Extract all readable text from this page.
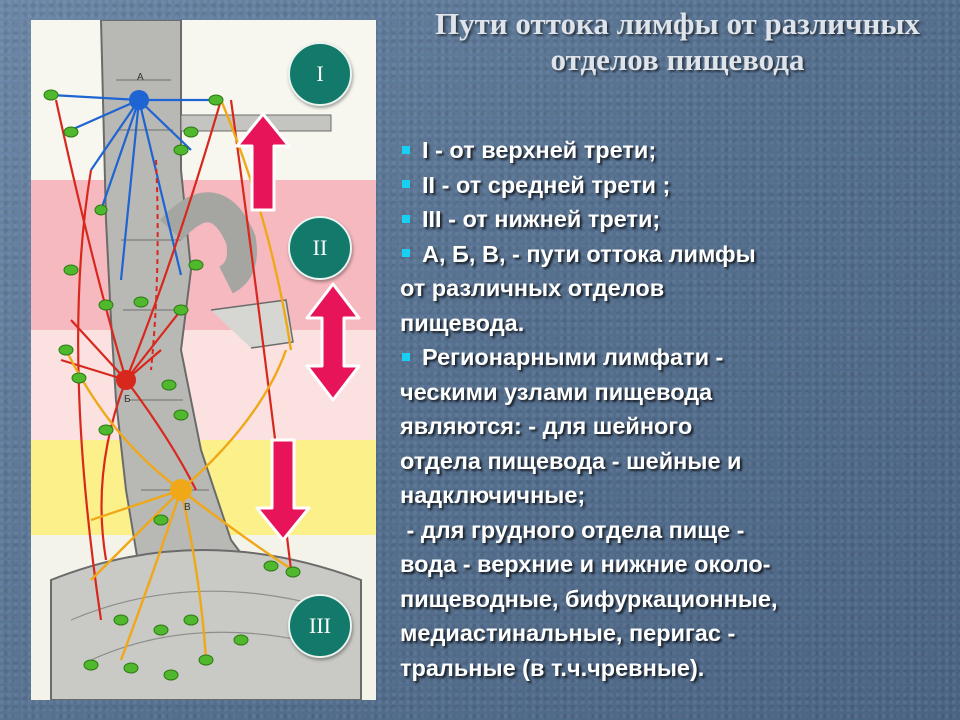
А
Б
В
I
II
III
Пути оттока лимфы от различных отделов пищевода
I - от верхней трети;
II - от средней трети ;
III - от нижней трети;
А, Б, В, - пути оттока лимфы
от различных отделов
пищевода.
Регионарными лимфати -
ческими узлами пищевода
являются: - для шейного
отдела пищевода - шейные и
надключичные;
- для грудного отдела пище -
вода - верхние и нижние около-
пищеводные, бифуркационные,
медиастинальные, перигас -
тральные (в т.ч.чревные).
